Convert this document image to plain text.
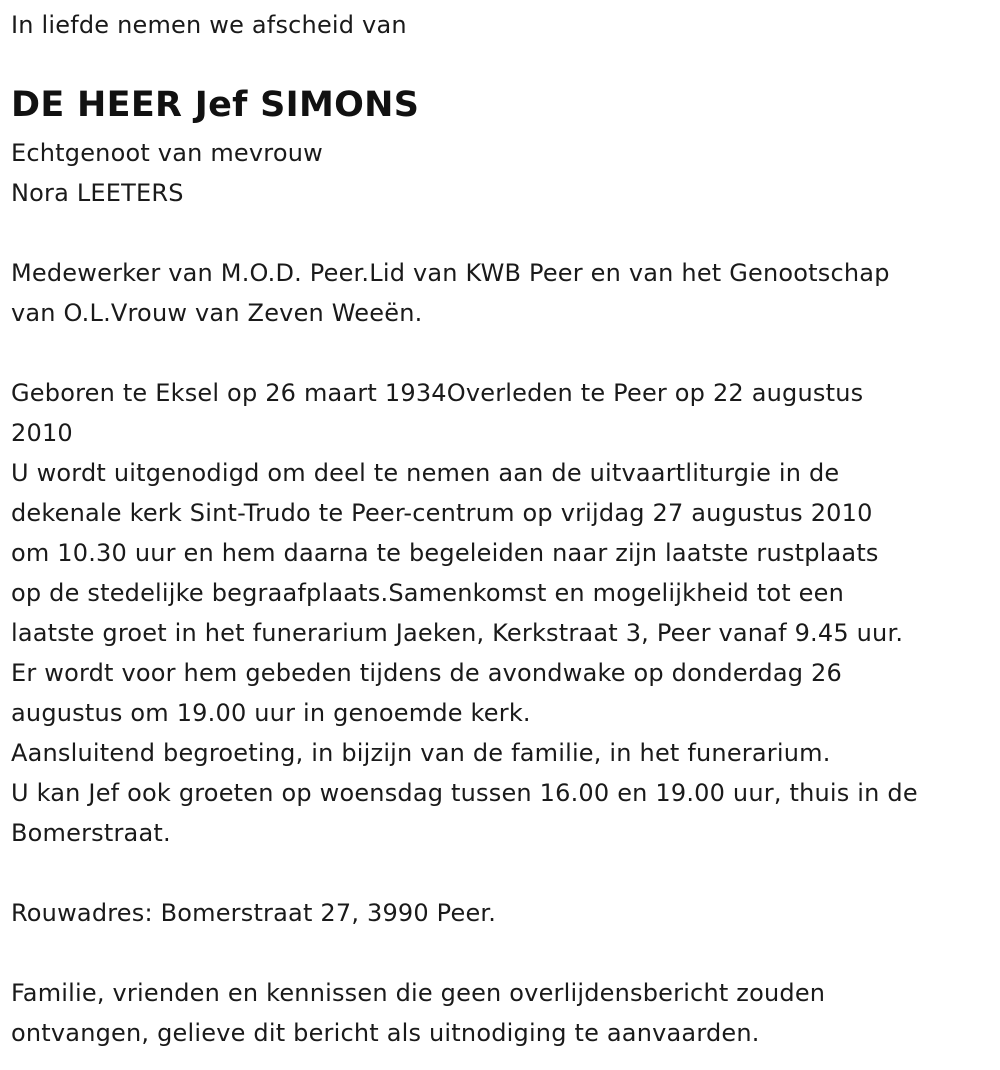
In liefde nemen we afscheid van
DE HEER Jef SIMONS
Echtgenoot van mevrouw
Nora LEETERS
Medewerker van M.O.D. Peer.Lid van KWB Peer en van het Genootschap
van O.L.Vrouw van Zeven Weeën.
Geboren te Eksel op 26 maart 1934Overleden te Peer op 22 augustus
2010
U wordt uitgenodigd om deel te nemen aan de uitvaartliturgie in de
dekenale kerk Sint-Trudo te Peer-centrum op vrijdag 27 augustus 2010
om 10.30 uur en hem daarna te begeleiden naar zijn laatste rustplaats
op de stedelijke begraafplaats.Samenkomst en mogelijkheid tot een
laatste groet in het funerarium Jaeken, Kerkstraat 3, Peer vanaf 9.45 uur.
Er wordt voor hem gebeden tijdens de avondwake op donderdag 26
augustus om 19.00 uur in genoemde kerk.
Aansluitend begroeting, in bijzijn van de familie, in het funerarium.
U kan Jef ook groeten op woensdag tussen 16.00 en 19.00 uur, thuis in de
Bomerstraat.
Rouwadres: Bomerstraat 27, 3990 Peer.
Familie, vrienden en kennissen die geen overlijdensbericht zouden
ontvangen, gelieve dit bericht als uitnodiging te aanvaarden.
